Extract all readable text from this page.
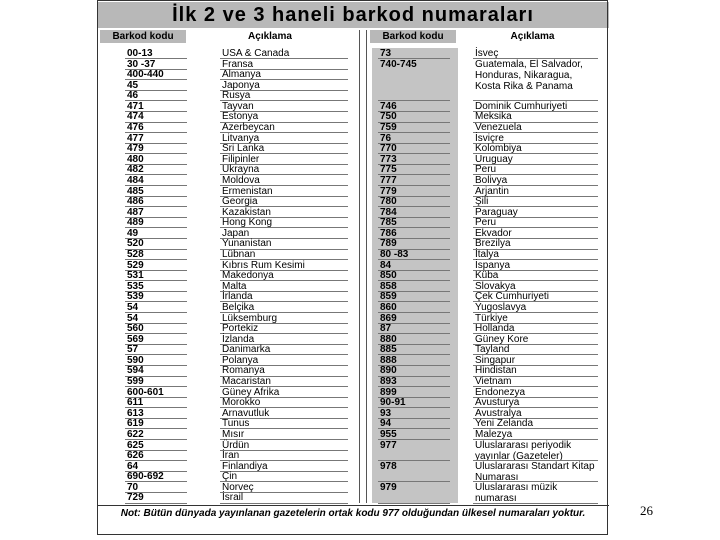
İlk 2 ve 3 haneli barkod numaraları
Barkod kodu	Açıklama	Barkod kodu	Açıklama
00-13	USA & Canada
30 -37	Fransa
400-440	Almanya
45	Japonya
46	Rusya
471	Tayvan
474	Estonya
476	Azerbeycan
477	Litvanya
479	Sri Lanka
480	Filipinler
482	Ukrayna
484	Moldova
485	Ermenistan
486	Georgia
487	Kazakistan
489	Hong Kong
49	Japan
520	Yunanistan
528	Lübnan
529	Kıbrıs Rum Kesimi
531	Makedonya
535	Malta
539	İrlanda
54	Belçika
54	Lüksemburg
560	Portekiz
569	İzlanda
57	Danimarka
590	Polanya
594	Romanya
599	Macaristan
600-601	Güney Afrika
611	Morokko
613	Arnavutluk
619	Tunus
622	Mısır
625	Ürdün
626	İran
64	Finlandiya
690-692	Çin
70	Norveç
729	İsrail
73	İsveç
740-745	Guatemala, El Salvador, Honduras, Nikaragua, Kosta Rika & Panama
746	Dominik Cumhuriyeti
750	Meksika
759	Venezuela
76	İsviçre
770	Kolombiya
773	Uruguay
775	Peru
777	Bolivya
779	Arjantin
780	Şili
784	Paraguay
785	Peru
786	Ekvador
789	Brezilya
80 -83	İtalya
84	İspanya
850	Küba
858	Slovakya
859	Çek Cumhuriyeti
860	Yugoslavya
869	Türkiye
87	Hollanda
880	Güney Kore
885	Tayland
888	Singapur
890	Hindistan
893	Vietnam
899	Endonezya
90-91	Avusturya
93	Avustralya
94	Yeni Zelanda
955	Malezya
977	Uluslararası periyodik yayınlar (Gazeteler)
978	Uluslararası Standart Kitap Numarası
979	Uluslararası müzik numarası
Not: Bütün dünyada yayınlanan gazetelerin ortak kodu 977 olduğundan ülkesel numaraları yoktur.	26
